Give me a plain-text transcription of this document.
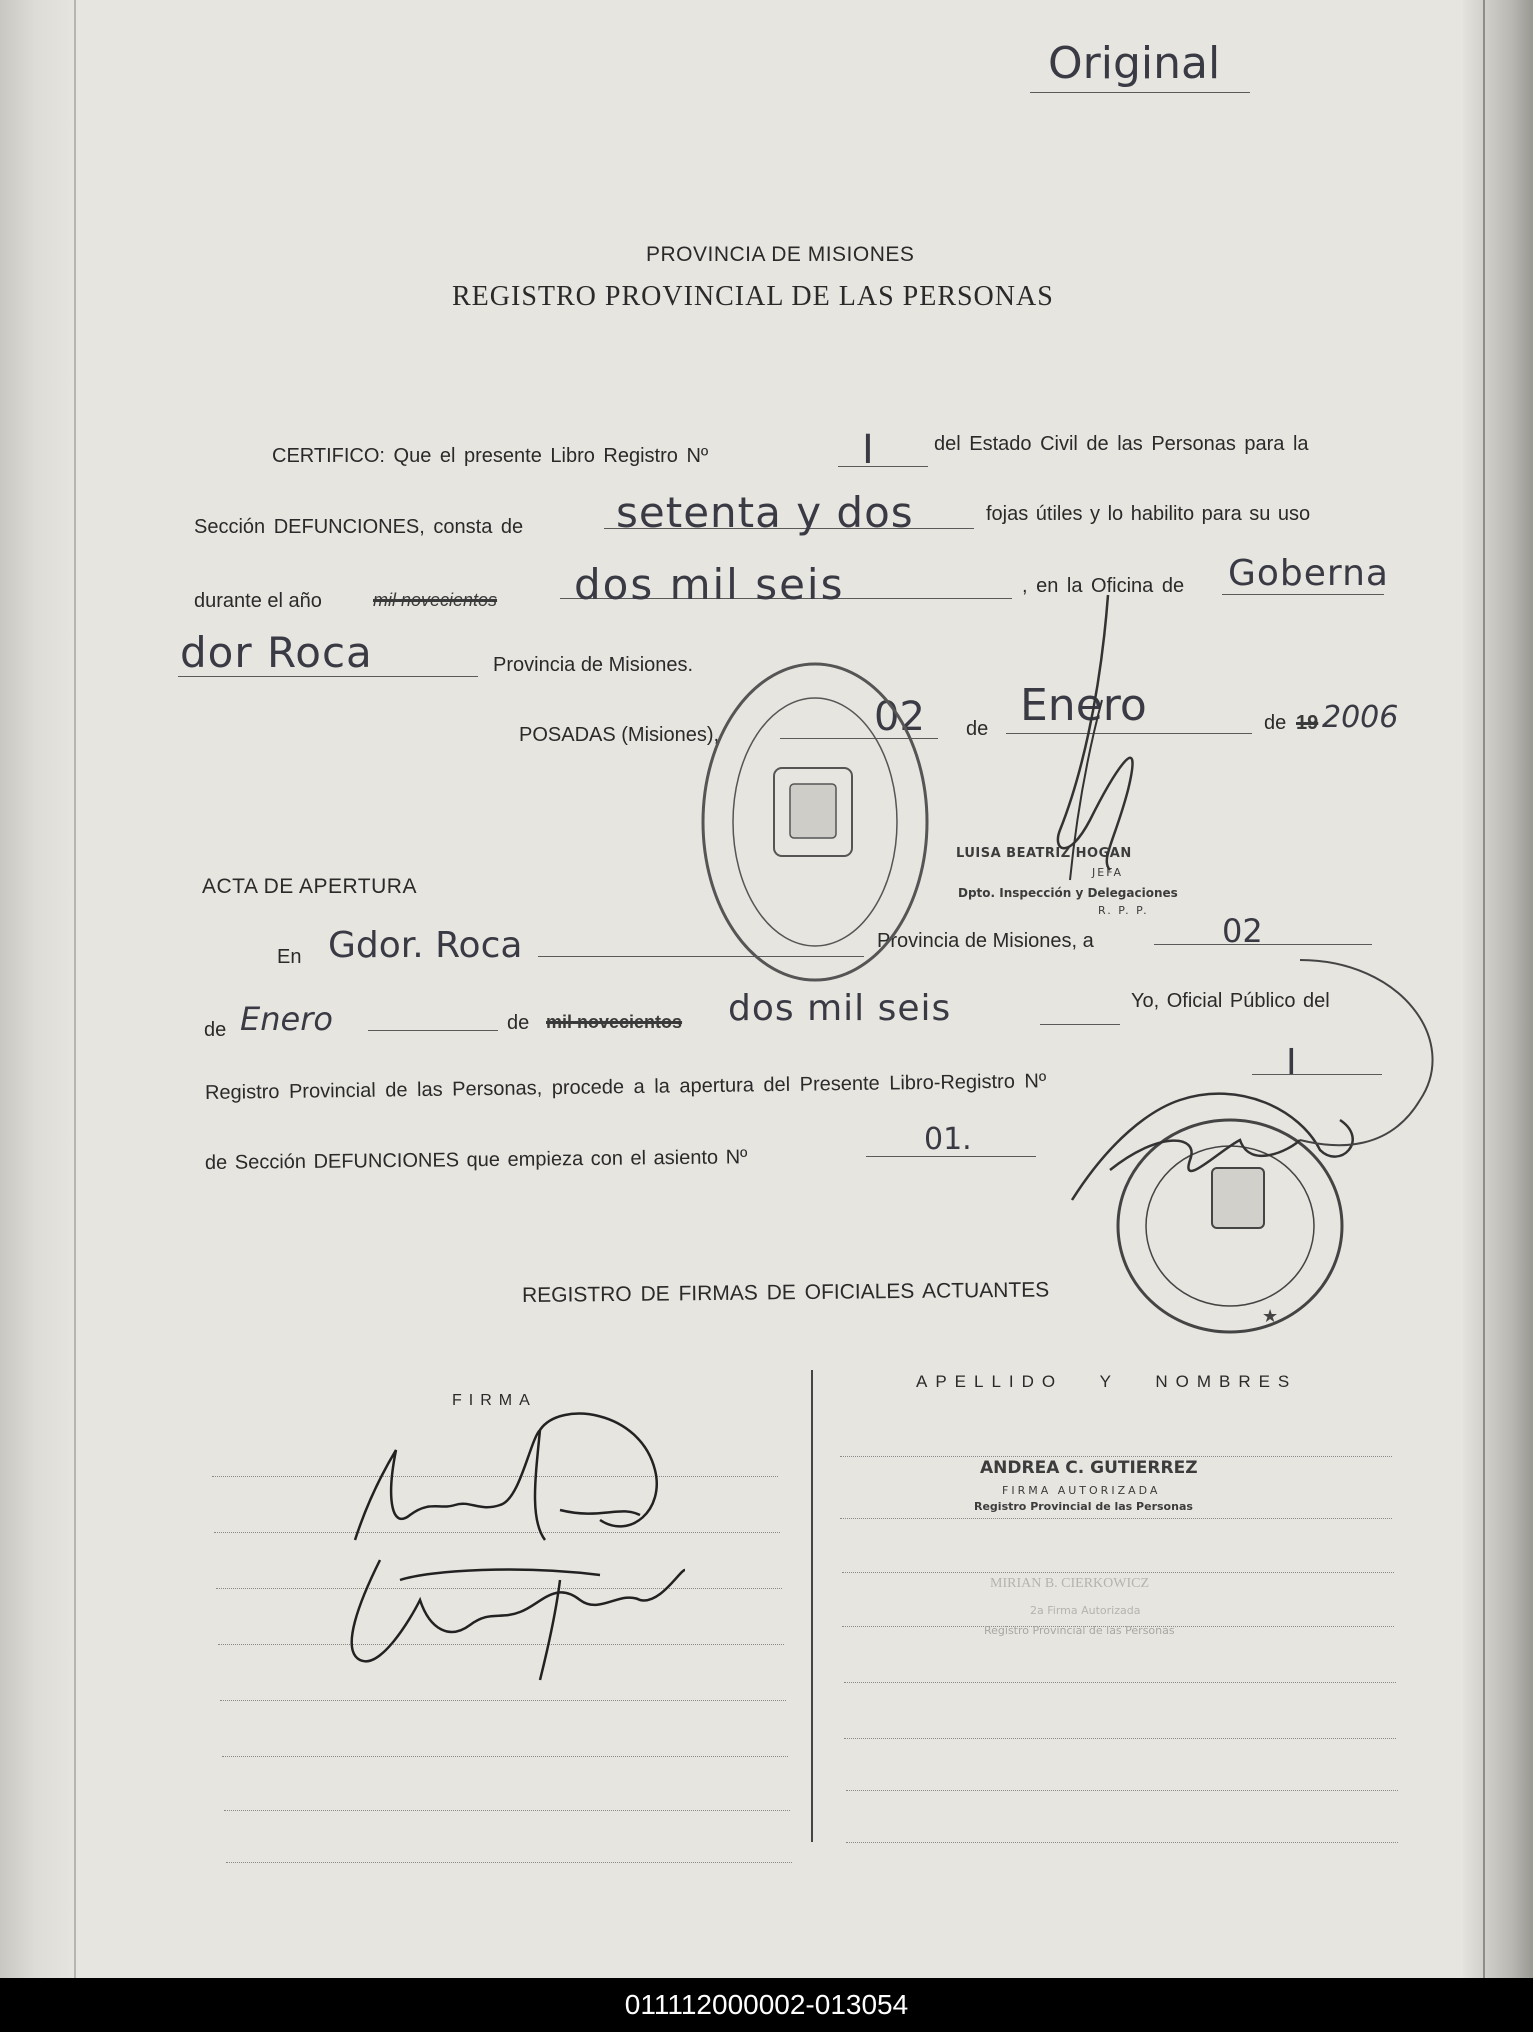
Original
PROVINCIA DE MISIONES
REGISTRO PROVINCIAL DE LAS PERSONAS
CERTIFICO: Que el presente Libro Registro Nº	I	del Estado Civil de las Personas para la
Sección DEFUNCIONES, consta de setenta y dos	fojas útiles y lo habilito para su uso
durante el año	mil novecientos dos mil seis	, en la Oficina de Goberna
dor Roca	Provincia de Misiones.
POSADAS (Misiones),	02 de Enero	de 19 2006
LUISA BEATRIZ HOGAN
JEFA
Dpto. Inspección y Delegaciones
R. P. P.
ACTA DE APERTURA
En Gdor. Roca	Provincia de Misiones, a	02
de Enero	de mil novecientos dos mil seis	Yo, Oficial Público del
Registro Provincial de las Personas, procede a la apertura del Presente Libro-Registro Nº
I
de Sección DEFUNCIONES que empieza con el asiento Nº
01.
REGISTRO DE FIRMAS DE OFICIALES ACTUANTES
FIRMA
APELLIDO Y NOMBRES
ANDREA C. GUTIERREZ
FIRMA AUTORIZADA
Registro Provincial de las Personas
MIRIAN B. CIERKOWICZ
2a Firma Autorizada
Registro Provincial de las Personas
★
011112000002-013054
